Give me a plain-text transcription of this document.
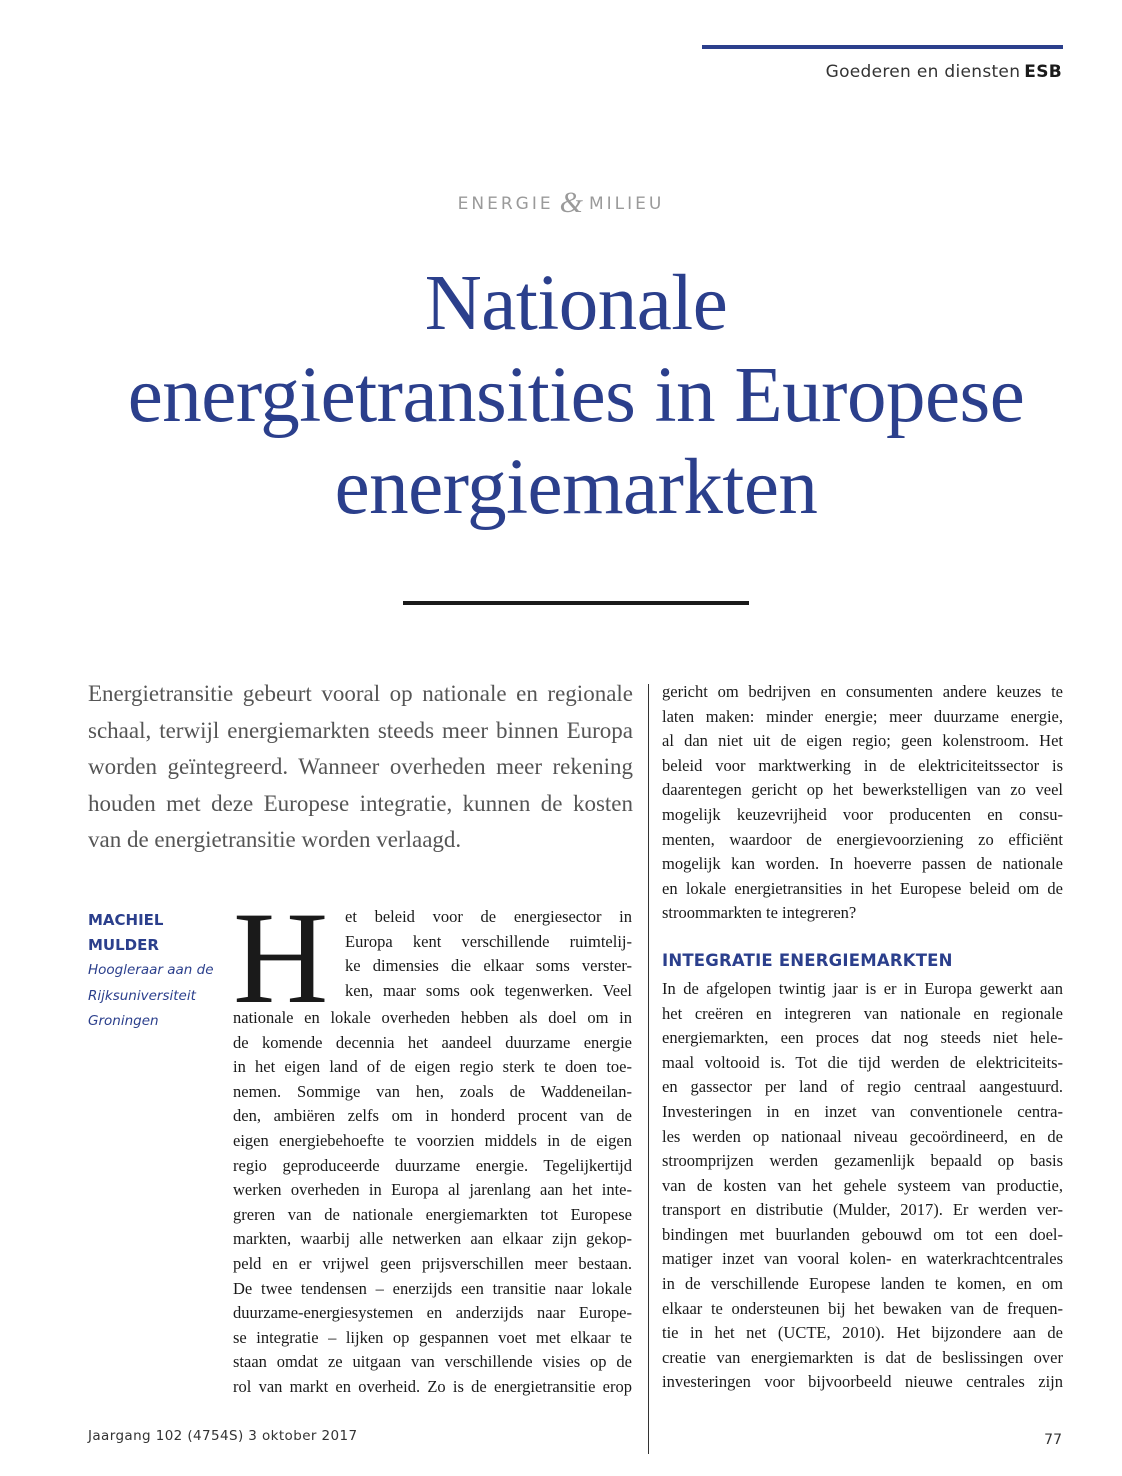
Goederen en diensten ESB
ENERGIE & MILIEU
Nationale
energietransities in Europese
energiemarkten

Energietransitie gebeurt vooral op nationale en regionale schaal, terwijl energiemarkten steeds meer binnen Europa worden geïntegreerd. Wanneer overheden meer rekening houden met deze Europese integratie, kunnen de kosten van de energietransitie worden verlaagd.

MACHIEL
MULDER
Hoogleraar aan de
Rijksuniversiteit
Groningen H	et beleid voor de energiesector in
Europa kent verschillende ruimtelij-
ke dimensies die elkaar soms verster-
ken, maar soms ook tegenwerken. Veel
nationale en lokale overheden hebben als doel om in
de komende decennia het aandeel duurzame energie
in het eigen land of de eigen regio sterk te doen toe-
nemen. Sommige van hen, zoals de Waddeneilan-
den, ambiëren zelfs om in honderd procent van de
eigen energiebehoefte te voorzien middels in de eigen
regio geproduceerde duurzame energie. Tegelijkertijd
werken overheden in Europa al jarenlang aan het inte-
greren van de nationale energiemarkten tot Europese
markten, waarbij alle netwerken aan elkaar zijn gekop-
peld en er vrijwel geen prijsverschillen meer bestaan.
De twee tendensen – enerzijds een transitie naar lokale
duurzame-energiesystemen en anderzijds naar Europe-
se integratie – lijken op gespannen voet met elkaar te
staan omdat ze uitgaan van verschillende visies op de
rol van markt en overheid. Zo is de energietransitie erop
gericht om bedrijven en consumenten andere keuzes te
laten maken: minder energie; meer duurzame energie,
al dan niet uit de eigen regio; geen kolenstroom. Het
beleid voor marktwerking in de elektriciteitssector is
daarentegen gericht op het bewerkstelligen van zo veel
mogelijk keuzevrijheid voor producenten en consu-
menten, waardoor de energievoorziening zo efficiënt
mogelijk kan worden. In hoeverre passen de nationale
en lokale energietransities in het Europese beleid om de
stroommarkten te integreren?
INTEGRATIE ENERGIEMARKTEN
In de afgelopen twintig jaar is er in Europa gewerkt aan
het creëren en integreren van nationale en regionale
energiemarkten, een proces dat nog steeds niet hele-
maal voltooid is. Tot die tijd werden de elektriciteits-
en gassector per land of regio centraal aangestuurd.
Investeringen in en inzet van conventionele centra-
les werden op nationaal niveau gecoördineerd, en de
stroomprijzen werden gezamenlijk bepaald op basis
van de kosten van het gehele systeem van productie,
transport en distributie (Mulder, 2017). Er werden ver-
bindingen met buurlanden gebouwd om tot een doel-
matiger inzet van vooral kolen- en waterkrachtcentrales
in de verschillende Europese landen te komen, en om
elkaar te ondersteunen bij het bewaken van de frequen-
tie in het net (UCTE, 2010). Het bijzondere aan de
creatie van energiemarkten is dat de beslissingen over
investeringen voor bijvoorbeeld nieuwe centrales zijn
Jaargang 102 (4754S) 3 oktober 2017	77
